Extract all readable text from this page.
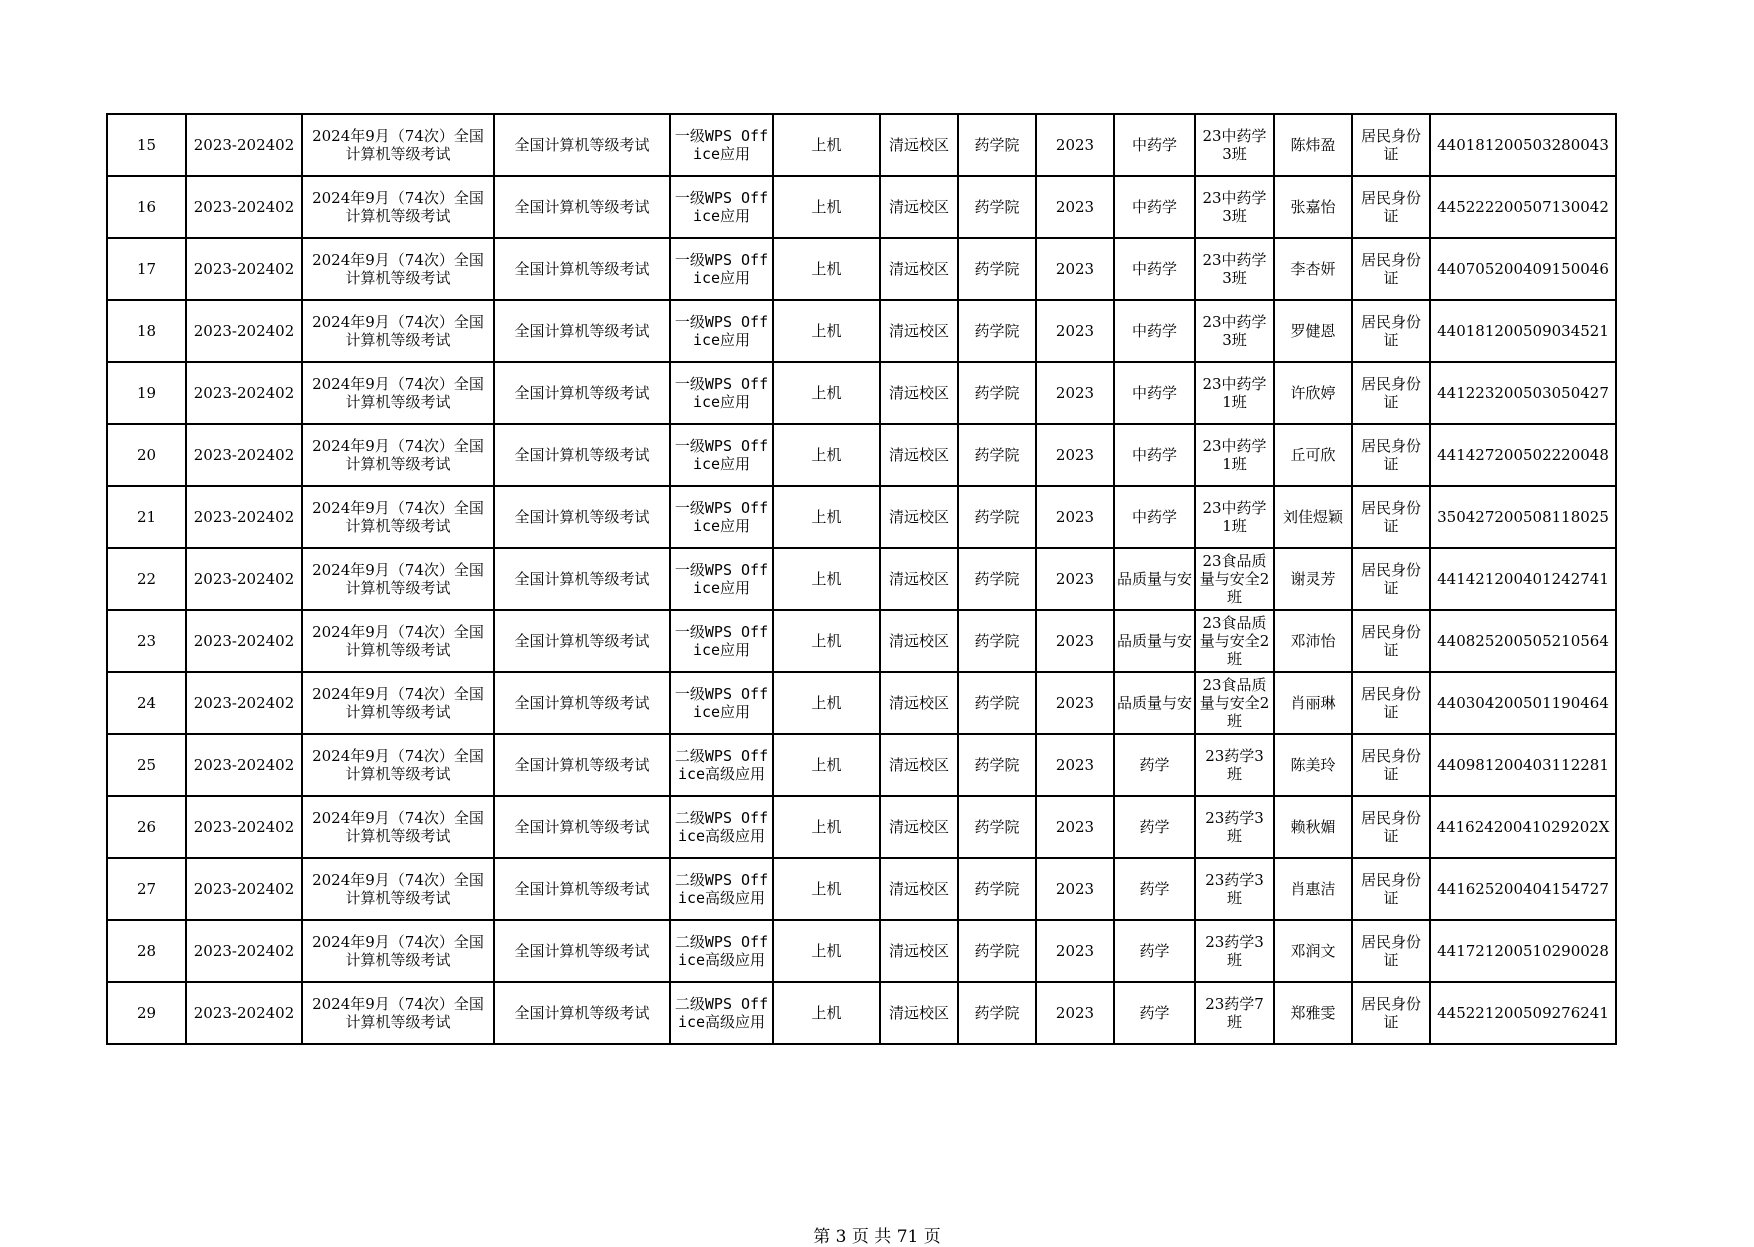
15	2023-202402	2024年9月（74次）全国计算机等级考试	全国计算机等级考试	一级WPS Office应用	上机	清远校区	药学院	2023	中药学	23中药学3班	陈炜盈	居民身份证	440181200503280043
16	2023-202402	2024年9月（74次）全国计算机等级考试	全国计算机等级考试	一级WPS Office应用	上机	清远校区	药学院	2023	中药学	23中药学3班	张嘉怡	居民身份证	445222200507130042
17	2023-202402	2024年9月（74次）全国计算机等级考试	全国计算机等级考试	一级WPS Office应用	上机	清远校区	药学院	2023	中药学	23中药学3班	李杏妍	居民身份证	440705200409150046
18	2023-202402	2024年9月（74次）全国计算机等级考试	全国计算机等级考试	一级WPS Office应用	上机	清远校区	药学院	2023	中药学	23中药学3班	罗健恩	居民身份证	440181200509034521
19	2023-202402	2024年9月（74次）全国计算机等级考试	全国计算机等级考试	一级WPS Office应用	上机	清远校区	药学院	2023	中药学	23中药学1班	许欣婷	居民身份证	441223200503050427
20	2023-202402	2024年9月（74次）全国计算机等级考试	全国计算机等级考试	一级WPS Office应用	上机	清远校区	药学院	2023	中药学	23中药学1班	丘可欣	居民身份证	441427200502220048
21	2023-202402	2024年9月（74次）全国计算机等级考试	全国计算机等级考试	一级WPS Office应用	上机	清远校区	药学院	2023	中药学	23中药学1班	刘佳煜颖	居民身份证	350427200508118025
22	2023-202402	2024年9月（74次）全国计算机等级考试	全国计算机等级考试	一级WPS Office应用	上机	清远校区	药学院	2023	品质量与安	23食品质量与安全2班	谢灵芳	居民身份证	441421200401242741
23	2023-202402	2024年9月（74次）全国计算机等级考试	全国计算机等级考试	一级WPS Office应用	上机	清远校区	药学院	2023	品质量与安	23食品质量与安全2班	邓沛怡	居民身份证	440825200505210564
24	2023-202402	2024年9月（74次）全国计算机等级考试	全国计算机等级考试	一级WPS Office应用	上机	清远校区	药学院	2023	品质量与安	23食品质量与安全2班	肖丽琳	居民身份证	440304200501190464
25	2023-202402	2024年9月（74次）全国计算机等级考试	全国计算机等级考试	二级WPS Office高级应用	上机	清远校区	药学院	2023	药学	23药学3班	陈美玲	居民身份证	440981200403112281
26	2023-202402	2024年9月（74次）全国计算机等级考试	全国计算机等级考试	二级WPS Office高级应用	上机	清远校区	药学院	2023	药学	23药学3班	赖秋媚	居民身份证	44162420041029202X
27	2023-202402	2024年9月（74次）全国计算机等级考试	全国计算机等级考试	二级WPS Office高级应用	上机	清远校区	药学院	2023	药学	23药学3班	肖惠洁	居民身份证	441625200404154727
28	2023-202402	2024年9月（74次）全国计算机等级考试	全国计算机等级考试	二级WPS Office高级应用	上机	清远校区	药学院	2023	药学	23药学3班	邓润文	居民身份证	441721200510290028
29	2023-202402	2024年9月（74次）全国计算机等级考试	全国计算机等级考试	二级WPS Office高级应用	上机	清远校区	药学院	2023	药学	23药学7班	郑雅雯	居民身份证	445221200509276241
第 3 页 共 71 页
